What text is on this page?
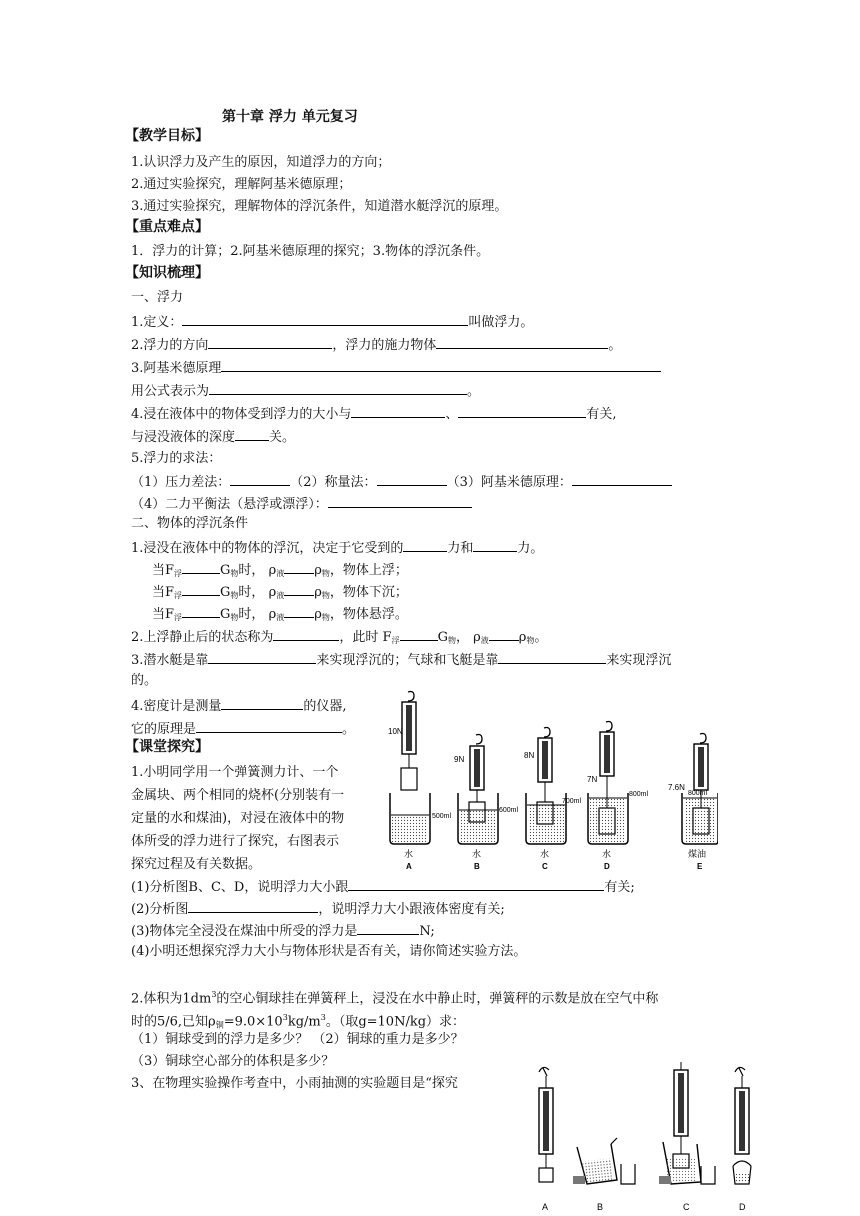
第十章 浮力 单元复习
【教学目标】
1.认识浮力及产生的原因，知道浮力的方向；
2.通过实验探究，理解阿基米德原理；
3.通过实验探究，理解物体的浮沉条件，知道潜水艇浮沉的原理。
【重点难点】
1．浮力的计算；2.阿基米德原理的探究；3.物体的浮沉条件。
【知识梳理】
一、浮力
1.定义：	叫做浮力。
2.浮力的方向	，浮力的施力物体	。
3.阿基米德原理
用公式表示为	。
4.浸在液体中的物体受到浮力的大小与	、	有关,
与浸没液体的深度	关。
5.浮力的求法：
（1）压力差法：	（2）称量法：	（3）阿基米德原理：
（4）二力平衡法（悬浮或漂浮）：
二、物体的浮沉条件
1.浸没在液体中的物体的浮沉，决定于它受到的	力和	力。
当$F_浮$	$G_物$时， $\rho_液$ $\rho_物$，物体上浮；
当$F_浮$	$G_物$时， $\rho_液$ $\rho_物$，物体下沉；
当$F_浮$	$G_物$时， $\rho_液$ $\rho_物$，物体悬浮。
2.上浮静止后的状态称为	，此时 $F_浮$	$G_物$， $\rho_液$ $\rho_物$。
3.潜水艇是靠	来实现浮沉的；气球和飞艇是靠	来实现浮沉
的。
4.密度计是测量	的仪器,
它的原理是	。
【课堂探究】
1.小明同学用一个弹簧测力计、一个
金属块、两个相同的烧杯(分别装有一
定量的水和煤油)，对浸在液体中的物
体所受的浮力进行了探究，右图表示
探究过程及有关数据。
(1)分析图B、C、D，说明浮力大小跟	有关;
(2)分析图	，说明浮力大小跟液体密度有关;
(3)物体完全浸没在煤油中所受的浮力是	N;
(4)小明还想探究浮力大小与物体形状是否有关，请你简述实验方法。
2.体积为$1dm^3$的空心铜球挂在弹簧秤上，浸没在水中静止时，弹簧秤的示数是放在空气中称
时的5/6,已知$\rho_铜=9.0\times 10^3kg/m^3$。（取g=10N/kg）求：
（1）铜球受到的浮力是多少？ （2）铜球的重力是多少？
（3）铜球空心部分的体积是多少？
3、在物理实验操作考查中，小雨抽测的实验题目是“探究
10N
9N	8N
7N
7.6N
500ml
600ml
700ml
800ml	800ml
水	水	水	水	煤油
A	B	C	D	E
A	B	C	D
